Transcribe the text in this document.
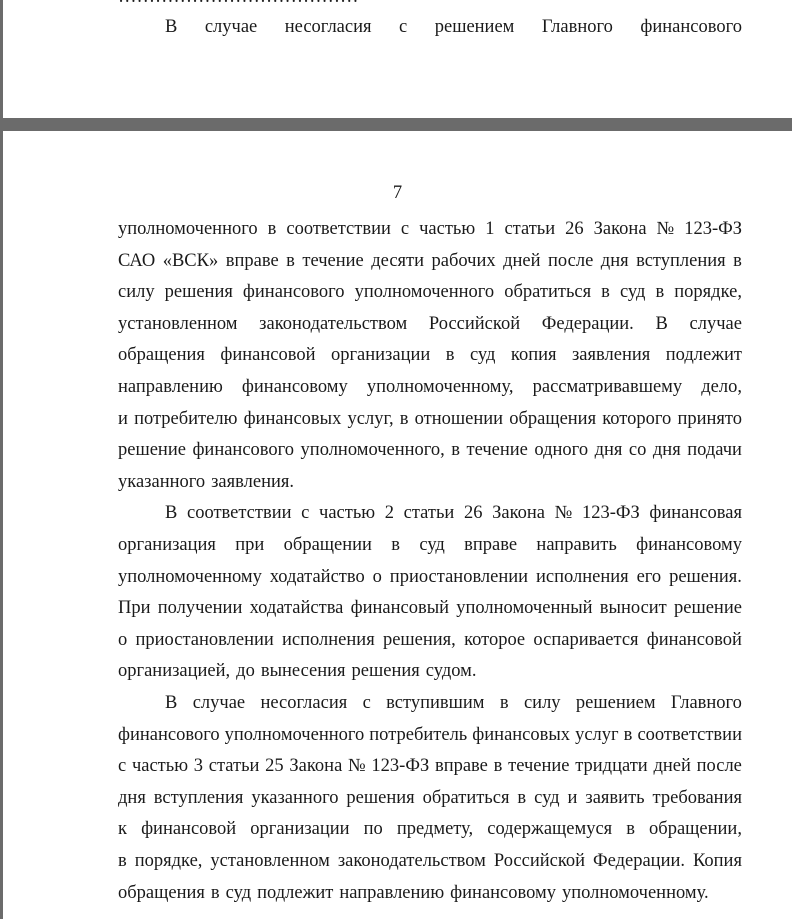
В случае несогласия с решением Главного финансового
7
уполномоченного в соответствии с частью 1 статьи 26 Закона № 123-ФЗ
САО «ВСК» вправе в течение десяти рабочих дней после дня вступления в
силу решения финансового уполномоченного обратиться в суд в порядке,
установленном законодательством Российской Федерации. В случае
обращения финансовой организации в суд копия заявления подлежит
направлению финансовому уполномоченному, рассматривавшему дело,
и потребителю финансовых услуг, в отношении обращения которого принято
решение финансового уполномоченного, в течение одного дня со дня подачи
указанного заявления.
В соответствии с частью 2 статьи 26 Закона № 123-ФЗ финансовая
организация при обращении в суд вправе направить финансовому
уполномоченному ходатайство о приостановлении исполнения его решения.
При получении ходатайства финансовый уполномоченный выносит решение
о приостановлении исполнения решения, которое оспаривается финансовой
организацией, до вынесения решения судом.
В случае несогласия с вступившим в силу решением Главного
финансового уполномоченного потребитель финансовых услуг в соответствии
с частью 3 статьи 25 Закона № 123-ФЗ вправе в течение тридцати дней после
дня вступления указанного решения обратиться в суд и заявить требования
к финансовой организации по предмету, содержащемуся в обращении,
в порядке, установленном законодательством Российской Федерации. Копия
обращения в суд подлежит направлению финансовому уполномоченному.
